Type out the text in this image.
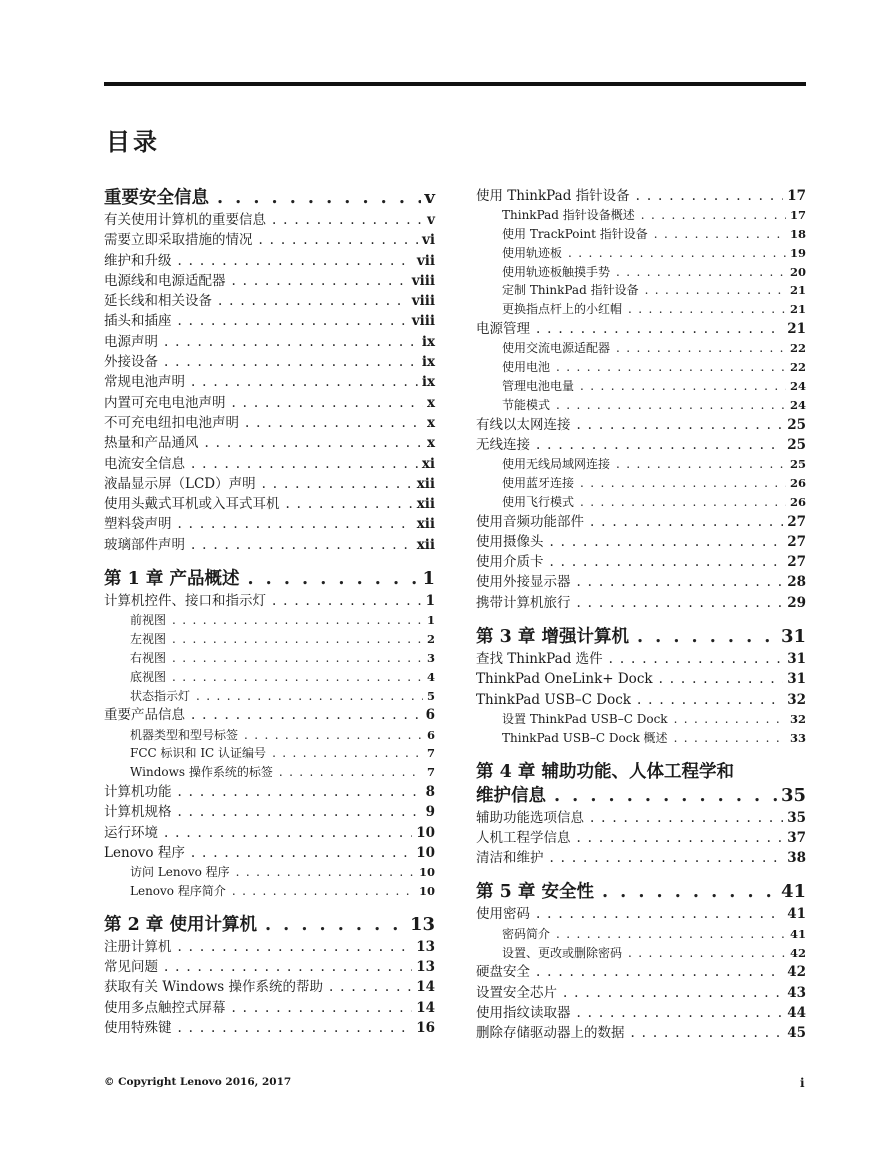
目录
重要安全信息 . . .	v
有关使用计算机的重要信息 . . .	v
需要立即采取措施的情况 . . .	vi
维护和升级 . . .	vii
电源线和电源适配器 . . .	viii
延长线和相关设备 . . .	viii
插头和插座 . . .	viii
电源声明 . . .	ix
外接设备 . . .	ix
常规电池声明 . . .	ix
内置可充电电池声明 . . .	x
不可充电纽扣电池声明 . . .	x
热量和产品通风 . . .	x
电流安全信息 . . .	xi
液晶显示屏（LCD）声明 . . .	xii
使用头戴式耳机或入耳式耳机 . . .	xii
塑料袋声明 . . .	xii
玻璃部件声明 . . .	xii
第 1 章 产品概述 . . .	1
计算机控件、接口和指示灯 . . .	1
前视图 . . .	1
左视图 . . .	2
右视图 . . .	3
底视图 . . .	4
状态指示灯 . . .	5
重要产品信息 . . .	6
机器类型和型号标签 . . .	6
FCC 标识和 IC 认证编号 . . .	7
Windows 操作系统的标签 . . .	7
计算机功能 . . .	8
计算机规格 . . .	9
运行环境 . . .	10
Lenovo 程序 . . .	10
访问 Lenovo 程序 . . .	10
Lenovo 程序简介 . . .	10
第 2 章 使用计算机 . . .	13
注册计算机 . . .	13
常见问题 . . .	13
获取有关 Windows 操作系统的帮助 . . .	14
使用多点触控式屏幕 . . .	14
使用特殊键 . . .	16
使用 ThinkPad 指针设备 . . .	17
ThinkPad 指针设备概述 . . .	17
使用 TrackPoint 指针设备 . . .	18
使用轨迹板 . . .	19
使用轨迹板触摸手势 . . .	20
定制 ThinkPad 指针设备 . . .	21
更换指点杆上的小红帽 . . .	21
电源管理 . . .	21
使用交流电源适配器 . . .	22
使用电池 . . .	22
管理电池电量 . . .	24
节能模式 . . .	24
有线以太网连接 . . .	25
无线连接 . . .	25
使用无线局域网连接 . . .	25
使用蓝牙连接 . . .	26
使用飞行模式 . . .	26
使用音频功能部件 . . .	27
使用摄像头 . . .	27
使用介质卡 . . .	27
使用外接显示器 . . .	28
携带计算机旅行 . . .	29
第 3 章 增强计算机 . . .	31
查找 ThinkPad 选件 . . .	31
ThinkPad OneLink+ Dock . . .	31
ThinkPad USB–C Dock . . .	32
设置 ThinkPad USB–C Dock . . .	32
ThinkPad USB–C Dock 概述 . . .	33
第 4 章 辅助功能、人体工程学和
维护信息 . . .	35
辅助功能选项信息 . . .	35
人机工程学信息 . . .	37
清洁和维护 . . .	38
第 5 章 安全性 . . .	41
使用密码 . . .	41
密码简介 . . .	41
设置、更改或删除密码 . . .	42
硬盘安全 . . .	42
设置安全芯片 . . .	43
使用指纹读取器 . . .	44
删除存储驱动器上的数据 . . .	45
© Copyright Lenovo 2016, 2017	i
